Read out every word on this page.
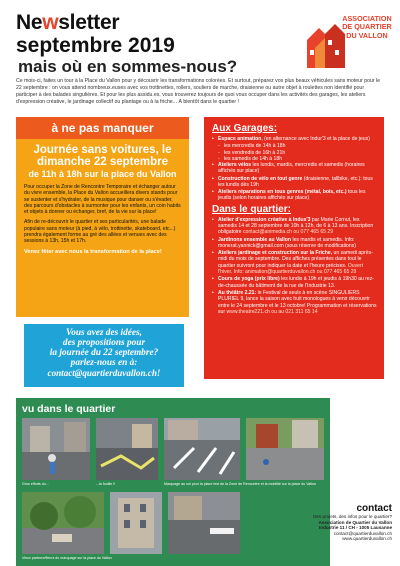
Newsletter
septembre 2019
mais où en sommes-nous?
ASSOCIATION
DE QUARTIER
DU VALLON

Ce mois-ci, faites un tour à la Place du Vallon pour y découvrir les transformations colorées. Et surtout, préparez vos plus beaux véhicules sans moteur pour le 22 septembre : on vous attend nombreux.euses avec vos trottinettes, rollers, souliers de marche, draisienne ou autre objet à roulettes non identifié pour participer à des balades singulières. Et pour les plus assidu.es, vous trouverez toujours de quoi vous occuper dans les activités des garages, les ateliers d'expression créative, le jardinage collectif ou plantage ou à la friche... À bientôt dans le quartier !

à ne pas manquer
Journée sans voitures, le dimanche 22 septembre
de 11h à 18h sur la place du Vallon

Pour occuper la Zone de Rencontre Temporaire et échanger autour du vivre ensemble, la Place du Vallon accueillera divers stands pour se sustenter et s'hydrater, de la musique pour danser ou s'évader, des parcours d'obstacles à surmonter pour les enfants, un coin habits et objets à donner ou échanger, bref, de la vie sur la place!

Afin de re-découvrir le quartier et ses particularités, une balade populaire sans moteur (à pied, à vélo, trottinette, skateboard, etc...) prendra également forme au gré des allées et venues avec des sessions à 13h, 15h et 17h.

Venez fêter avec nous la transformation de la place!

Aux Garages:
• Espace animation, (en alternance avec Indur'3 et la place de jeux)
- les mercredis de 14h à 18h
- les vendredis de 16h à 21h
- les samedis de 14h à 18h
• Ateliers vélos les lundis, mardis, mercredis et samedis (horaires affichés sur place)
• Construction de vélo en tout genre (draisienne, tallbike, etc.): tous les lundis dès 19h
• Ateliers réparations en tous genres (métal, bois, etc.) tous les jeudis (selon horaires affichés sur place)
Dans le quartier:
• Atelier d'expression créative à Indus'3 par Marie Cornut, les samedis 14 et 28 septembre de 10h à 12h, de 6 à 13 ans. Inscription obligatoire contact@animedia.ch ou 077 465 65 29
• Jardinons ensemble au Vallon les mardis et samedis. Info: monerat.yannick@gmail.com (sous réserve de modifications)
• Ateliers jardinage et construction sur la Friche, un samedi après-midi du mois de septembre. Des affiches présentes dans tout le quartier suivront pour indiquer la date et l'heure précises. Ouvert l'hiver. Info: animation@quartierduvallon.ch ou 077 465 65 29
• Cours de yoga (prix libre) les lundis à 19h et jeudis à 19h30 au rez-de-chaussée du bâtiment de la rue de l'Industrie 13.
• Au théâtre 2.21: le Festival de seuls à en scène SINGULIERS PLURIEL 9, lance la saison avec huit monologues à venir découvrir entre le 24 septembre et le 13 octobre! Programmation et réservations sur www.theatre221.ch ou au 021 311 65 14
Vous avez des idées,
des propositions pour
la journée du 22 septembre?
parlez-nous en à:
contact@quartierduvallon.ch!
vu dans le quartier
Gros efforts du...	...la fouille !!	Marquage au sol pour la place test de la Zone de Rencontre et la mobilité sur la place du Vallon
Vieux parterre/fleurs du marquage sur la place du Vallon
contact
Des projets, des infos pour le quartier?
Association de Quartier du Vallon
Industrie 11 / CH - 1005 Lausanne
contact@quartierduvallon.ch
www.quartierduvallon.ch
